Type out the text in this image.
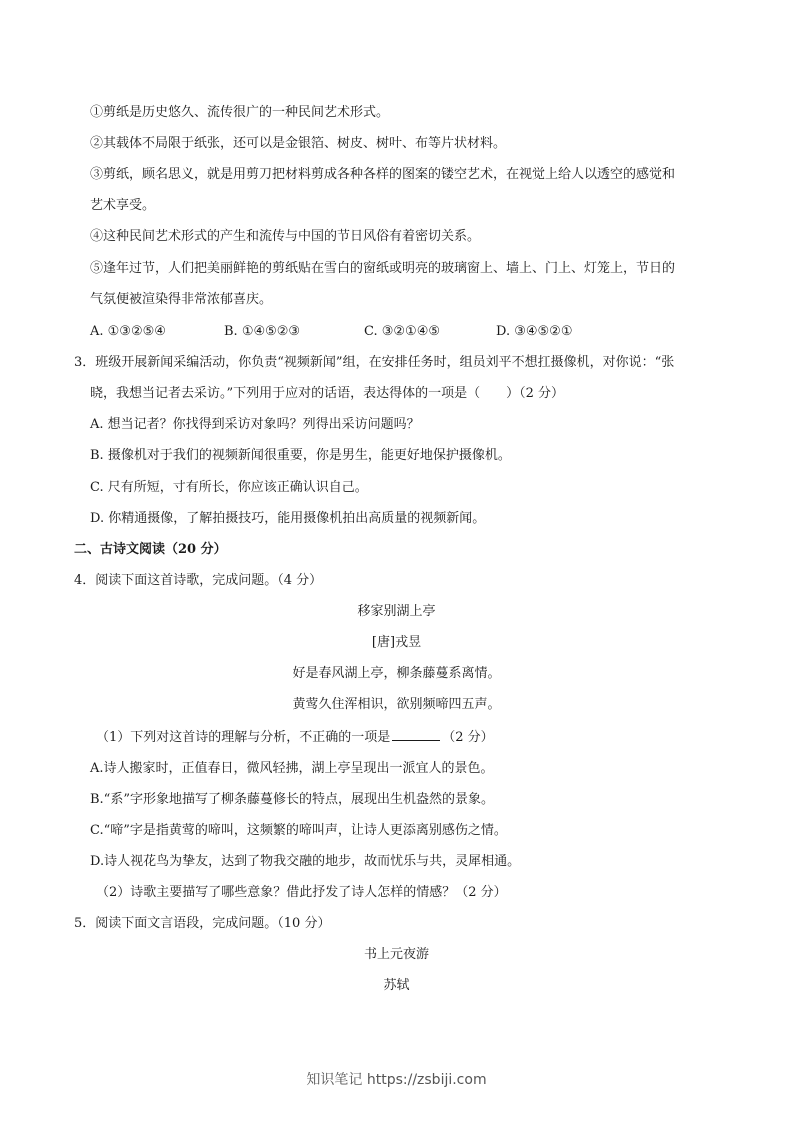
①剪纸是历史悠久、流传很广的一种民间艺术形式。
②其载体不局限于纸张，还可以是金银箔、树皮、树叶、布等片状材料。
③剪纸，顾名思义，就是用剪刀把材料剪成各种各样的图案的镂空艺术，在视觉上给人以透空的感觉和
艺术享受。
④这种民间艺术形式的产生和流传与中国的节日风俗有着密切关系。
⑤逢年过节，人们把美丽鲜艳的剪纸贴在雪白的窗纸或明亮的玻璃窗上、墙上、门上、灯笼上，节日的
气氛便被渲染得非常浓郁喜庆。
A. ①③②⑤④	B. ①④⑤②③	C. ③②①④⑤	D. ③④⑤②①
3．班级开展新闻采编活动，你负责“视频新闻”组，在安排任务时，组员刘平不想扛摄像机，对你说：“张
晓，我想当记者去采访。”下列用于应对的话语，表达得体的一项是（　　）（2 分）
A. 想当记者？你找得到采访对象吗？列得出采访问题吗？
B. 摄像机对于我们的视频新闻很重要，你是男生，能更好地保护摄像机。
C. 尺有所短，寸有所长，你应该正确认识自己。
D. 你精通摄像，了解拍摄技巧，能用摄像机拍出高质量的视频新闻。
二、古诗文阅读（20 分）
4．阅读下面这首诗歌，完成问题。（4 分）
移家别湖上亭
[唐]戎昱
好是春风湖上亭，柳条藤蔓系离情。
黄莺久住浑相识，欲别频啼四五声。
（1）下列对这首诗的理解与分析，不正确的一项是	（2 分）
A.诗人搬家时，正值春日，微风轻拂，湖上亭呈现出一派宜人的景色。
B.“系”字形象地描写了柳条藤蔓修长的特点，展现出生机盎然的景象。
C.“啼”字是指黄莺的啼叫，这频繁的啼叫声，让诗人更添离别感伤之情。
D.诗人视花鸟为挚友，达到了物我交融的地步，故而忧乐与共，灵犀相通。
（2）诗歌主要描写了哪些意象？借此抒发了诗人怎样的情感？（2 分）
5．阅读下面文言语段，完成问题。（10 分）
书上元夜游
苏轼
知识笔记 https://zsbiji.com
